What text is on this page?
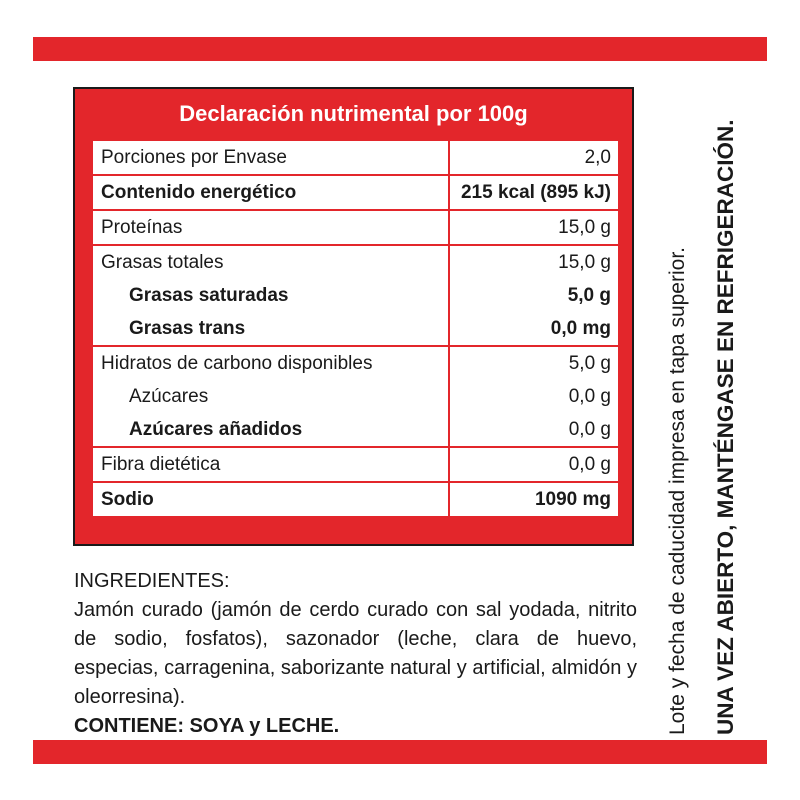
Declaración nutrimental por 100g
Porciones por Envase	2,0
Contenido energético	215 kcal (895 kJ)
Proteínas	15,0 g
Grasas totales	15,0 g
Grasas saturadas	5,0 g
Grasas trans	0,0 mg
Hidratos de carbono disponibles	5,0 g
Azúcares	0,0 g
Azúcares añadidos	0,0 g
Fibra dietética	0,0 g
Sodio	1090 mg
INGREDIENTES:
Jamón curado (jamón de cerdo curado con sal yodada, nitrito de sodio, fosfatos), sazonador (leche, clara de huevo, especias, carragenina, saborizante natural y artificial, almidón y oleorresina).
CONTIENE: SOYA y LECHE.	Lote y fecha de caducidad impresa en tapa superior. UNA VEZ ABIERTO, MANTÉNGASE EN REFRIGERACIÓN.
